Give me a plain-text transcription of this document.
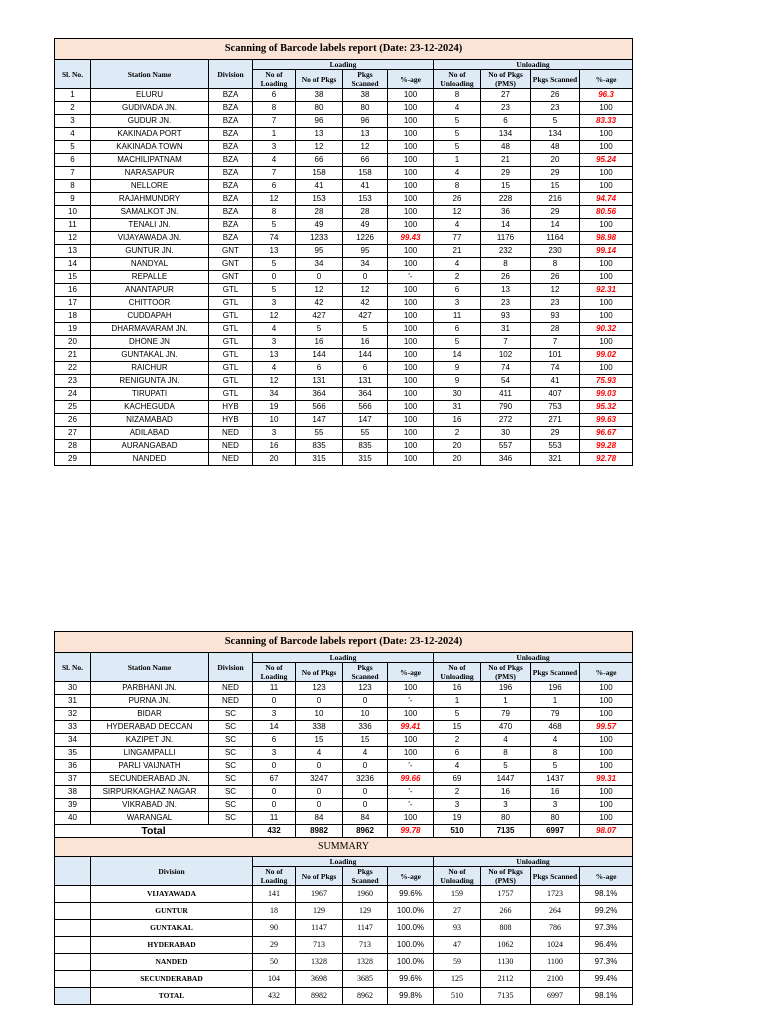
Scanning of Barcode labels report (Date: 23-12-2024)										
Sl. No.	Station Name	Division	Loading				Unloading			
			No of Loading	No of Pkgs	Pkgs Scanned	%-age	No of Unloading	No of Pkgs (PMS)	Pkgs Scanned	%-age
1	ELURU	BZA	6	38	38	100	8	27	26	96.3
2	GUDIVADA JN.	BZA	8	80	80	100	4	23	23	100
3	GUDUR JN.	BZA	7	96	96	100	5	6	5	83.33
4	KAKINADA PORT	BZA	1	13	13	100	5	134	134	100
5	KAKINADA TOWN	BZA	3	12	12	100	5	48	48	100
6	MACHILIPATNAM	BZA	4	66	66	100	1	21	20	95.24
7	NARASAPUR	BZA	7	158	158	100	4	29	29	100
8	NELLORE	BZA	6	41	41	100	8	15	15	100
9	RAJAHMUNDRY	BZA	12	153	153	100	26	228	216	94.74
10	SAMALKOT JN.	BZA	8	28	28	100	12	36	29	80.56
11	TENALI JN.	BZA	5	49	49	100	4	14	14	100
12	VIJAYAWADA JN.	BZA	74	1233	1226	99.43	77	1176	1164	98.98
13	GUNTUR JN.	GNT	13	95	95	100	21	232	230	99.14
14	NANDYAL	GNT	5	34	34	100	4	8	8	100
15	REPALLE	GNT	0	0	0	'-	2	26	26	100
16	ANANTAPUR	GTL	5	12	12	100	6	13	12	92.31
17	CHITTOOR	GTL	3	42	42	100	3	23	23	100
18	CUDDAPAH	GTL	12	427	427	100	11	93	93	100
19	DHARMAVARAM JN.	GTL	4	5	5	100	6	31	28	90.32
20	DHONE JN	GTL	3	16	16	100	5	7	7	100
21	GUNTAKAL JN.	GTL	13	144	144	100	14	102	101	99.02
22	RAICHUR	GTL	4	6	6	100	9	74	74	100
23	RENIGUNTA JN.	GTL	12	131	131	100	9	54	41	75.93
24	TIRUPATI	GTL	34	364	364	100	30	411	407	99.03
25	KACHEGUDA	HYB	19	566	566	100	31	790	753	95.32
26	NIZAMABAD	HYB	10	147	147	100	16	272	271	99.63
27	ADILABAD	NED	3	55	55	100	2	30	29	96.67
28	AURANGABAD	NED	16	835	835	100	20	557	553	99.28
29	NANDED	NED	20	315	315	100	20	346	321	92.78
Scanning of Barcode labels report (Date: 23-12-2024)										
Sl. No.	Station Name	Division	Loading				Unloading			
			No of Loading	No of Pkgs	Pkgs Scanned	%-age	No of Unloading	No of Pkgs (PMS)	Pkgs Scanned	%-age
30	PARBHANI JN.	NED	11	123	123	100	16	196	196	100
31	PURNA JN.	NED	0	0	0	'-	1	1	1	100
32	BIDAR	SC	3	10	10	100	5	79	79	100
33	HYDERABAD DECCAN	SC	14	338	336	99.41	15	470	468	99.57
34	KAZIPET JN.	SC	6	15	15	100	2	4	4	100
35	LINGAMPALLI	SC	3	4	4	100	6	8	8	100
36	PARLI VAIJNATH	SC	0	0	0	'-	4	5	5	100
37	SECUNDERABAD JN.	SC	67	3247	3236	99.66	69	1447	1437	99.31
38	SIRPURKAGHAZ NAGAR	SC	0	0	0	'-	2	16	16	100
39	VIKRABAD JN.	SC	0	0	0	'-	3	3	3	100
40	WARANGAL	SC	11	84	84	100	19	80	80	100
Total			432	8982	8962	99.78	510	7135	6997	98.07
SUMMARY										
	Division		Loading				Unloading			
			No of Loading	No of Pkgs	Pkgs Scanned	%-age	No of Unloading	No of Pkgs (PMS)	Pkgs Scanned	%-age
	VIJAYAWADA		141	1967	1960	99.6%	159	1757	1723	98.1%
	GUNTUR		18	129	129	100.0%	27	266	264	99.2%
	GUNTAKAL		90	1147	1147	100.0%	93	808	786	97.3%
	HYDERABAD		29	713	713	100.0%	47	1062	1024	96.4%
	NANDED		50	1328	1328	100.0%	59	1130	1100	97.3%
	SECUNDERABAD		104	3698	3685	99.6%	125	2112	2100	99.4%
	TOTAL		432	8982	8962	99.8%	510	7135	6997	98.1%
